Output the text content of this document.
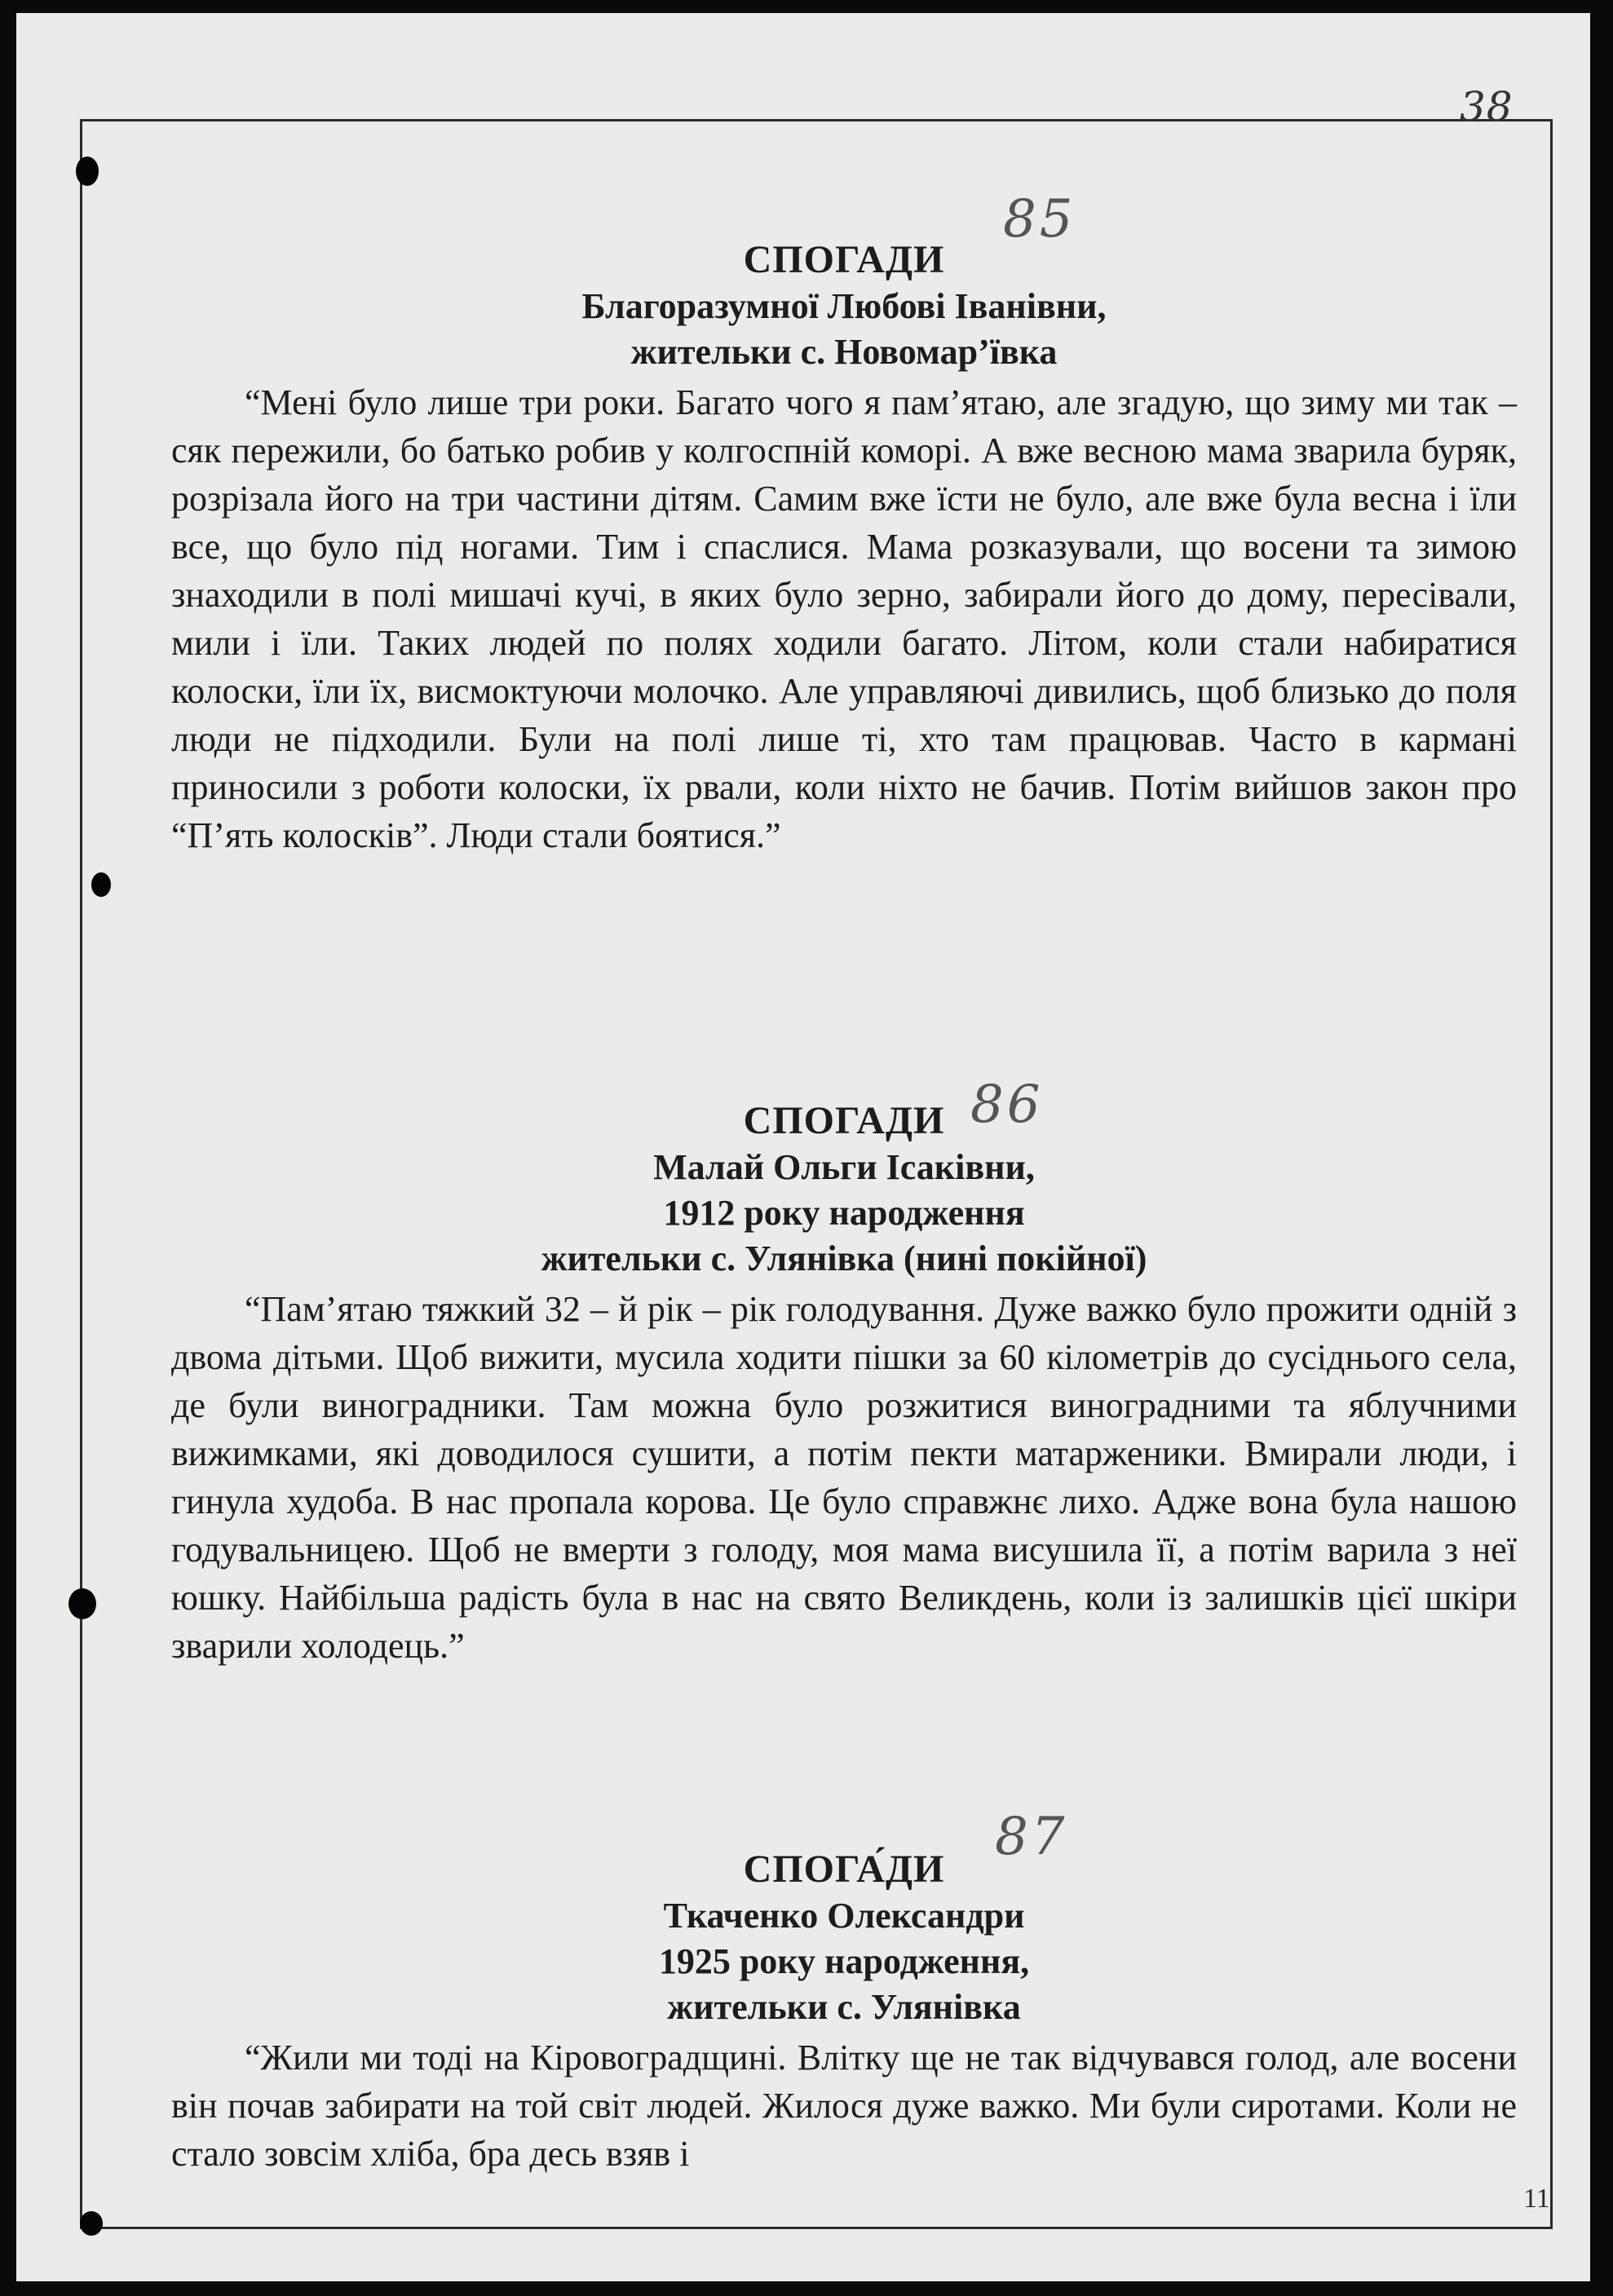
38
85
СПОГАДИ

Благоразумної Любові Іванівни,

жительки с. Новомар’ївка

“Мені було лише три роки. Багато чого я пам’ятаю, але згадую, що зиму ми так – сяк пережили, бо батько робив у колгоспній коморі. А вже весною мама зварила буряк, розрізала його на три частини дітям. Самим вже їсти не було, але вже була весна і їли все, що було під ногами. Тим і спаслися. Мама розказували, що восени та зимою знаходили в полі мишачі кучі, в яких було зерно, забирали його до дому, пересівали, мили і їли. Таких людей по полях ходили багато. Літом, коли стали набиратися колоски, їли їх, висмоктуючи молочко. Але управляючі дивились, щоб близько до поля люди не підходили. Були на полі лише ті, хто там працював. Часто в кармані приносили з роботи колоски, їх рвали, коли ніхто не бачив. Потім вийшов закон про “П’ять колосків”. Люди стали боятися.”

86
СПОГАДИ

Малай Ольги Ісаківни,

1912 року народження

жительки с. Улянівка (нині покійної)

“Пам’ятаю тяжкий 32 – й рік – рік голодування. Дуже важко було прожити одній з двома дітьми. Щоб вижити, мусила ходити пішки за 60 кілометрів до сусіднього села, де були виноградники. Там можна було розжитися виноградними та яблучними вижимками, які доводилося сушити, а потім пекти матарженики. Вмирали люди, і гинула худоба. В нас пропала корова. Це було справжнє лихо. Адже вона була нашою годувальницею. Щоб не вмерти з голоду, моя мама висушила її, а потім варила з неї юшку. Найбільша радість була в нас на свято Великдень, коли із залишків цієї шкіри зварили холодець.”

87
СПОГА́ДИ

Ткаченко Олександри

1925 року народження,

жительки с. Улянівка

“Жили ми тоді на Кіровоградщині. Влітку ще не так відчувався голод, але восени він почав забирати на той світ людей. Жилося дуже важко. Ми були сиротами. Коли не стало зовсім хліба, бра десь взяв і

11
